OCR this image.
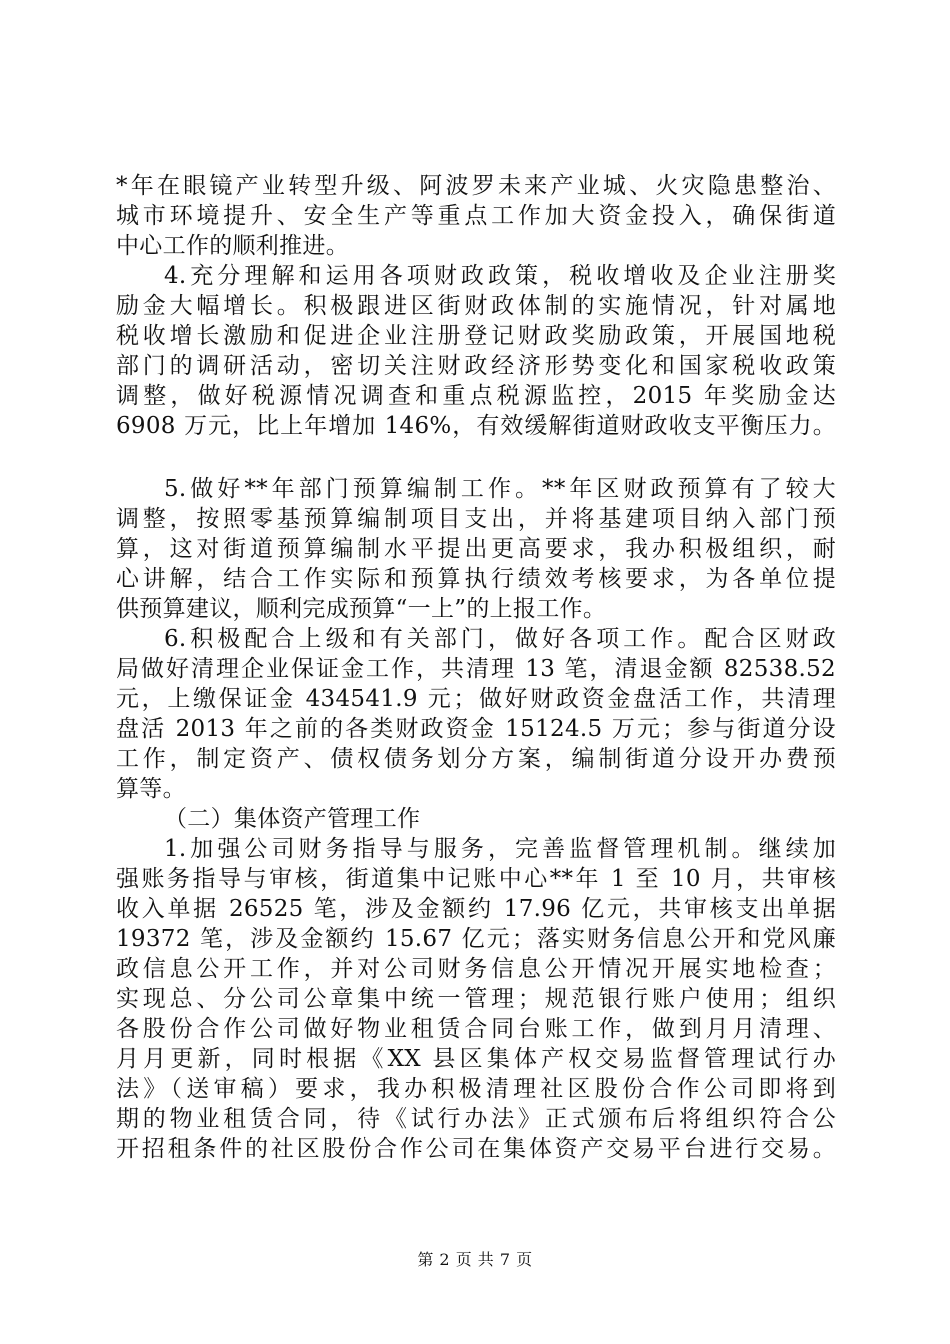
*年在眼镜产业转型升级、阿波罗未来产业城、火灾隐患整治、
城市环境提升、安全生产等重点工作加大资金投入，确保街道
中心工作的顺利推进。
4.充分理解和运用各项财政政策，税收增收及企业注册奖
励金大幅增长。积极跟进区街财政体制的实施情况，针对属地
税收增长激励和促进企业注册登记财政奖励政策，开展国地税
部门的调研活动，密切关注财政经济形势变化和国家税收政策
调整，做好税源情况调查和重点税源监控，2015 年奖励金达
6908 万元，比上年增加 146%，有效缓解街道财政收支平衡压力。
5.做好**年部门预算编制工作。**年区财政预算有了较大
调整，按照零基预算编制项目支出，并将基建项目纳入部门预
算，这对街道预算编制水平提出更高要求，我办积极组织，耐
心讲解，结合工作实际和预算执行绩效考核要求，为各单位提
供预算建议，顺利完成预算“一上”的上报工作。
6.积极配合上级和有关部门，做好各项工作。配合区财政
局做好清理企业保证金工作，共清理 13 笔，清退金额 82538.52
元，上缴保证金 434541.9 元；做好财政资金盘活工作，共清理
盘活 2013 年之前的各类财政资金 15124.5 万元；参与街道分设
工作，制定资产、债权债务划分方案，编制街道分设开办费预
算等。
（二）集体资产管理工作
1.加强公司财务指导与服务，完善监督管理机制。继续加
强账务指导与审核，街道集中记账中心**年 1 至 10 月，共审核
收入单据 26525 笔，涉及金额约 17.96 亿元，共审核支出单据
19372 笔，涉及金额约 15.67 亿元；落实财务信息公开和党风廉
政信息公开工作，并对公司财务信息公开情况开展实地检查；
实现总、分公司公章集中统一管理；规范银行账户使用；组织
各股份合作公司做好物业租赁合同台账工作，做到月月清理、
月月更新，同时根据《XX 县区集体产权交易监督管理试行办
法》（送审稿）要求，我办积极清理社区股份合作公司即将到
期的物业租赁合同，待《试行办法》正式颁布后将组织符合公
开招租条件的社区股份合作公司在集体资产交易平台进行交易。
第 2 页 共 7 页
